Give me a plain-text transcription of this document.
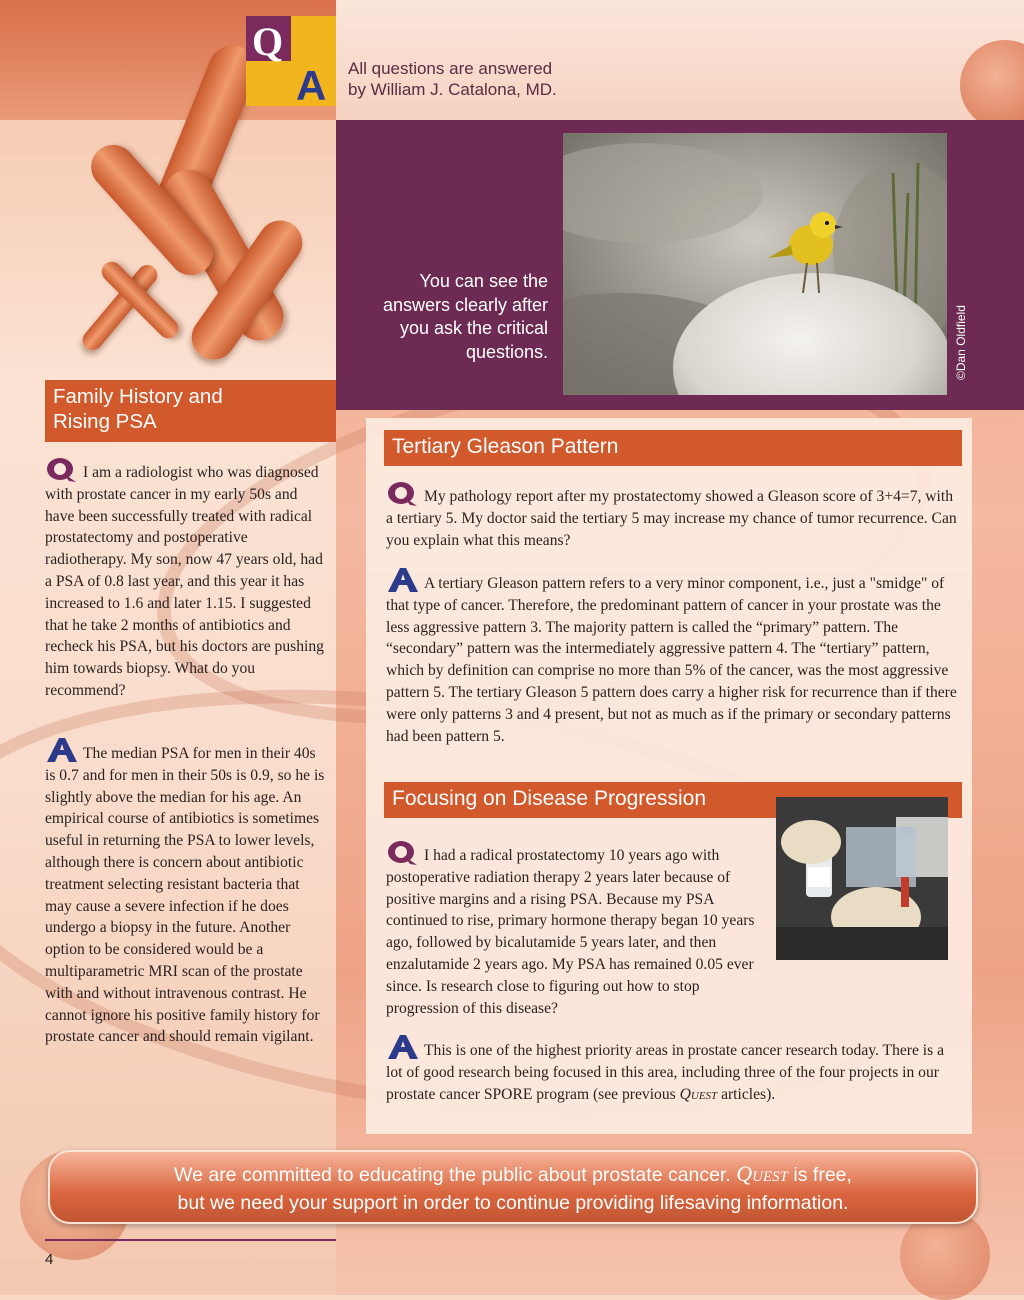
Q
A All questions are answered
by William J. Catalona, MD.
You can see the
answers clearly after
you ask the critical
questions.	©Dan Oldfield
Family History and
Rising PSA
I am a radiologist who was diagnosed with prostate cancer in my early 50s and have been successfully treated with radical prostatectomy and postoperative radiotherapy. My son, now 47 years old, had a PSA of 0.8 last year, and this year it has increased to 1.6 and later 1.15. I suggested that he take 2 months of antibiotics and recheck his PSA, but his doctors are pushing him towards biopsy. What do you recommend?
The median PSA for men in their 40s is 0.7 and for men in their 50s is 0.9, so he is slightly above the median for his age. An empirical course of antibiotics is sometimes useful in returning the PSA to lower levels, although there is concern about antibiotic treatment selecting resistant bacteria that may cause a severe infection if he does undergo a biopsy in the future. Another option to be considered would be a multiparametric MRI scan of the prostate with and without intravenous contrast. He cannot ignore his positive family history for prostate cancer and should remain vigilant.
Tertiary Gleason Pattern
My pathology report after my prostatectomy showed a Gleason score of 3+4=7, with a tertiary 5. My doctor said the tertiary 5 may increase my chance of tumor recurrence. Can you explain what this means?
A tertiary Gleason pattern refers to a very minor component, i.e., just a "smidge" of that type of cancer. Therefore, the predominant pattern of cancer in your prostate was the less aggressive pattern 3. The majority pattern is called the “primary” pattern. The “secondary” pattern was the intermediately aggressive pattern 4. The “tertiary” pattern, which by definition can comprise no more than 5% of the cancer, was the most aggressive pattern 5. The tertiary Gleason 5 pattern does carry a higher risk for recurrence than if there were only patterns 3 and 4 present, but not as much as if the primary or secondary patterns had been pattern 5.
Focusing on Disease Progression
I had a radical prostatectomy 10 years ago with postoperative radiation therapy 2 years later because of positive margins and a rising PSA. Because my PSA continued to rise, primary hormone therapy began 10 years ago, followed by bicalutamide 5 years later, and then enzalutamide 2 years ago. My PSA has remained 0.05 ever since. Is research close to figuring out how to stop progression of this disease?
This is one of the highest priority areas in prostate cancer research today. There is a lot of good research being focused in this area, including three of the four projects in our prostate cancer SPORE program (see previous Quest articles).
We are committed to educating the public about prostate cancer. Quest is free,
but we need your support in order to continue providing lifesaving information.
4
